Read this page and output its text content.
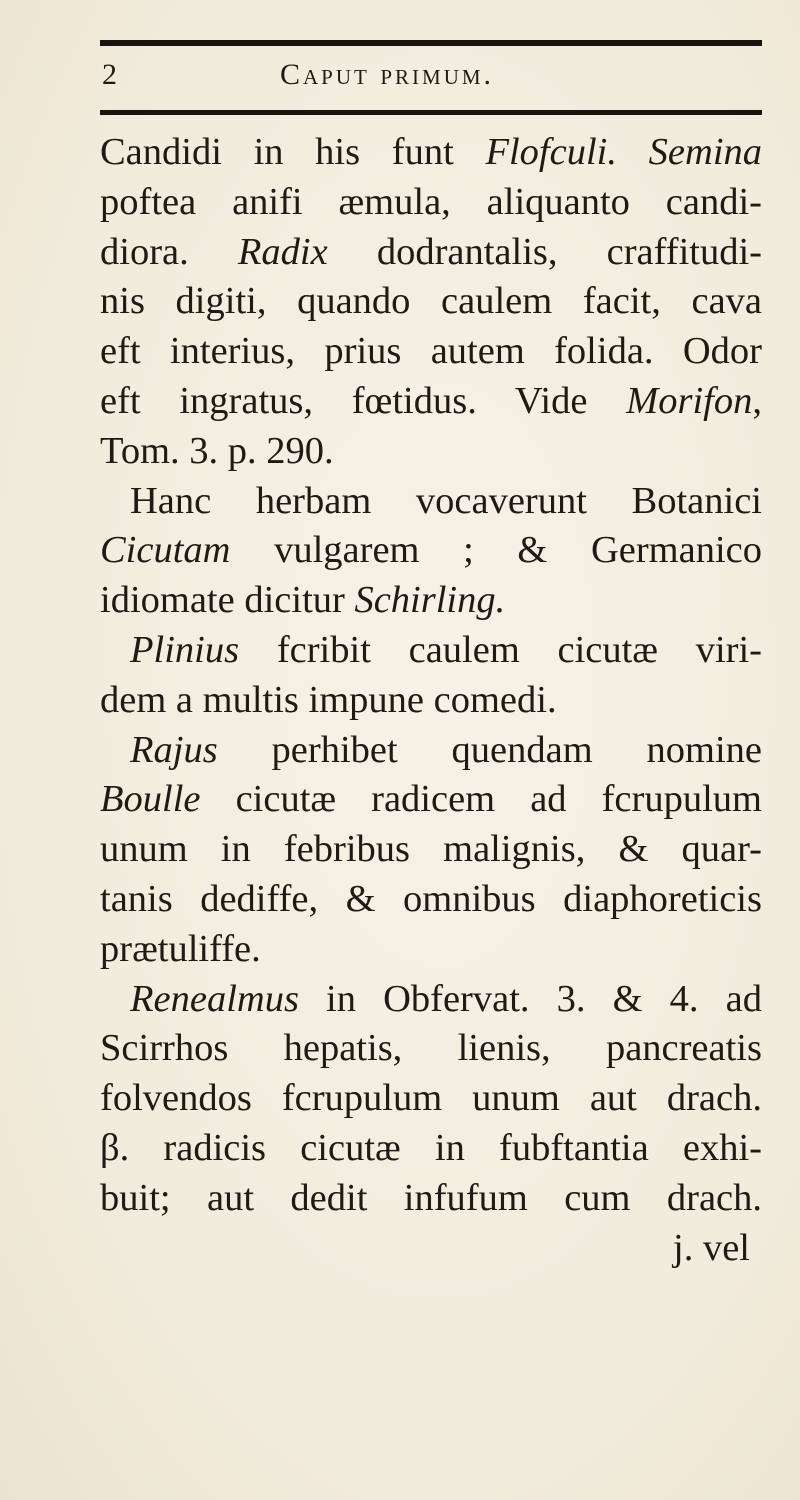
2	Caput primum.
Candidi in his funt Flofculi. Semina
poftea anifi æmula, aliquanto candi-
diora. Radix dodrantalis, craffitudi-
nis digiti, quando caulem facit, cava
eft interius, prius autem folida. Odor
eft ingratus, fœtidus. Vide Morifon,
Tom. 3. p. 290.
Hanc herbam vocaverunt Botanici
Cicutam vulgarem ; & Germanico
idiomate dicitur Schirling.
Plinius fcribit caulem cicutæ viri-
dem a multis impune comedi.
Rajus perhibet quendam nomine
Boulle cicutæ radicem ad fcrupulum
unum in febribus malignis, & quar-
tanis dediffe, & omnibus diaphoreticis
prætuliffe.
Renealmus in Obfervat. 3. & 4. ad
Scirrhos hepatis, lienis, pancreatis
folvendos fcrupulum unum aut drach.
β. radicis cicutæ in fubftantia exhi-
buit; aut dedit infufum cum drach.
j. vel
